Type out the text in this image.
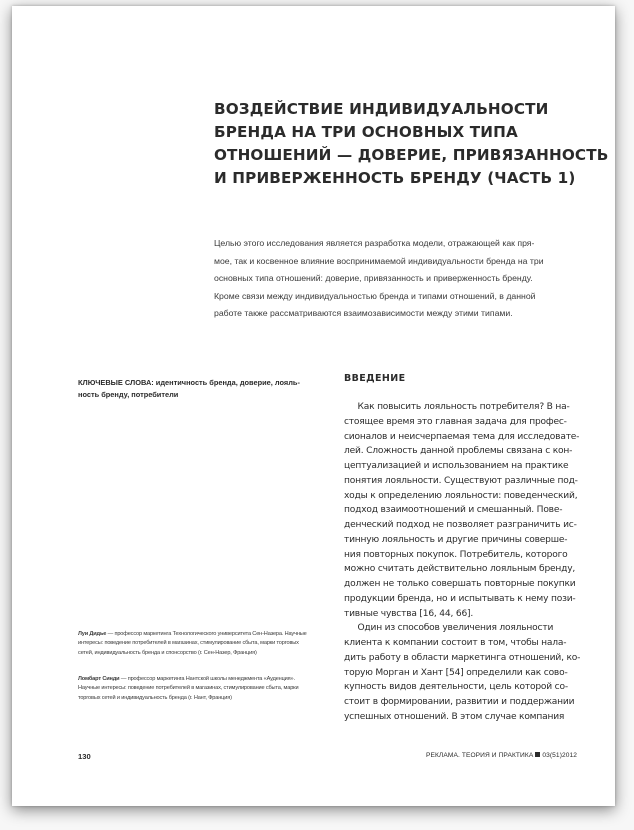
ВОЗДЕЙСТВИЕ ИНДИВИДУАЛЬНОСТИ
БРЕНДА НА ТРИ ОСНОВНЫХ ТИПА
ОТНОШЕНИЙ — ДОВЕРИЕ, ПРИВЯЗАННОСТЬ
И ПРИВЕРЖЕННОСТЬ БРЕНДУ (ЧАСТЬ 1)
Целью этого исследования является разработка модели, отражающей как пря-
мое, так и косвенное влияние воспринимаемой индивидуальности бренда на три
основных типа отношений: доверие, привязанность и приверженность бренду.
Кроме связи между индивидуальностью бренда и типами отношений, в данной
работе также рассматриваются взаимозависимости между этими типами.
КЛЮЧЕВЫЕ СЛОВА: идентичность бренда, доверие, лояль-
ность бренду, потребители
ВВЕДЕНИЕ
Как повысить лояльность потребителя? В на-
стоящее время это главная задача для профес-
сионалов и неисчерпаемая тема для исследовате-
лей. Сложность данной проблемы связана с кон-
цептуализацией и использованием на практике
понятия лояльности. Существуют различные под-
ходы к определению лояльности: поведенческий,
подход взаимоотношений и смешанный. Пове-
денческий подход не позволяет разграничить ис-
тинную лояльность и другие причины соверше-
ния повторных покупок. Потребитель, которого
можно считать действительно лояльным бренду,
должен не только совершать повторные покупки
продукции бренда, но и испытывать к нему пози-
тивные чувства [16, 44, 66].
Один из способов увеличения лояльности
клиента к компании состоит в том, чтобы нала-
дить работу в области маркетинга отношений, ко-
торую Морган и Хант [54] определили как сово-
купность видов деятельности, цель которой со-
стоит в формировании, развитии и поддержании
успешных отношений. В этом случае компания
Луи Дидье — профессор маркетинга Технологического университета Сен-Назера. Научные
интересы: поведение потребителей в магазинах, стимулирование сбыта, марки торговых
сетей, индивидуальность бренда и спонсорство (г. Сен-Назер, Франция)
Ломбарт Синди — профессор маркетинга Нантской школы менеджмента «Ауденция».
Научные интересы: поведение потребителей в магазинах, стимулирование сбыта, марки
торговых сетей и индивидуальность бренда (г. Нант, Франция)
130	РЕКЛАМА. ТЕОРИЯ И ПРАКТИКА 03(51)2012
